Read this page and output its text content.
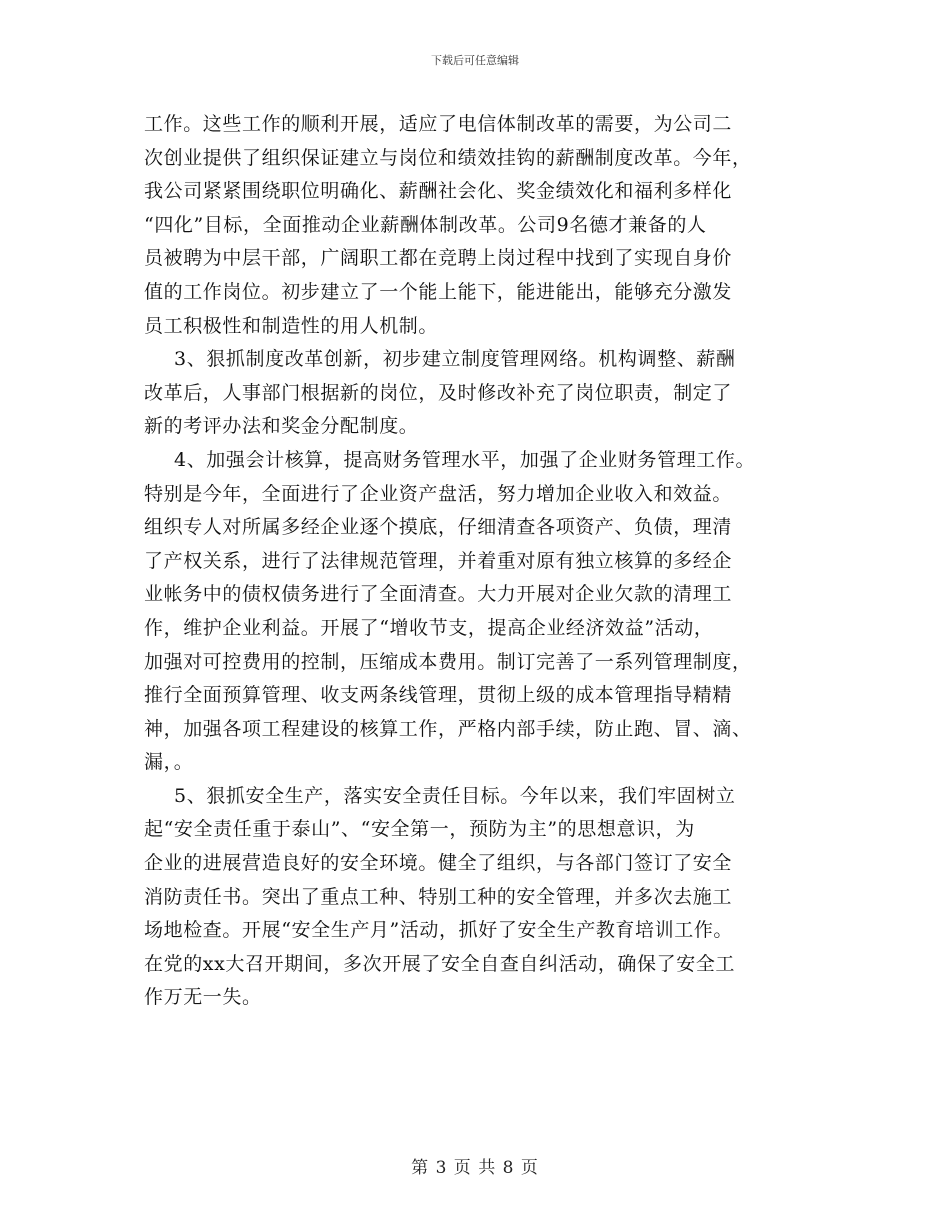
下载后可任意编辑
工作。这些工作的顺利开展，适应了电信体制改革的需要，为公司二
次创业提供了组织保证建立与岗位和绩效挂钩的薪酬制度改革。今年，
我公司紧紧围绕职位明确化、薪酬社会化、奖金绩效化和福利多样化
“四化”目标，全面推动企业薪酬体制改革。公司9名德才兼备的人
员被聘为中层干部，广阔职工都在竞聘上岗过程中找到了实现自身价
值的工作岗位。初步建立了一个能上能下，能进能出，能够充分激发
员工积极性和制造性的用人机制。
3、狠抓制度改革创新，初步建立制度管理网络。机构调整、薪酬
改革后，人事部门根据新的岗位，及时修改补充了岗位职责，制定了
新的考评办法和奖金分配制度。
4、加强会计核算，提高财务管理水平，加强了企业财务管理工作。
特别是今年，全面进行了企业资产盘活，努力增加企业收入和效益。
组织专人对所属多经企业逐个摸底，仔细清查各项资产、负债，理清
了产权关系，进行了法律规范管理，并着重对原有独立核算的多经企
业帐务中的债权债务进行了全面清查。大力开展对企业欠款的清理工
作，维护企业利益。开展了“增收节支，提高企业经济效益”活动，
加强对可控费用的控制，压缩成本费用。制订完善了一系列管理制度，
推行全面预算管理、收支两条线管理，贯彻上级的成本管理指导精精
神，加强各项工程建设的核算工作，严格内部手续，防止跑、冒、滴、
漏，。
5、狠抓安全生产，落实安全责任目标。今年以来，我们牢固树立
起“安全责任重于泰山”、“安全第一，预防为主”的思想意识，为
企业的进展营造良好的安全环境。健全了组织，与各部门签订了安全
消防责任书。突出了重点工种、特别工种的安全管理，并多次去施工
场地检查。开展“安全生产月”活动，抓好了安全生产教育培训工作。
在党的xx大召开期间，多次开展了安全自查自纠活动，确保了安全工
作万无一失。
第 3 页 共 8 页
